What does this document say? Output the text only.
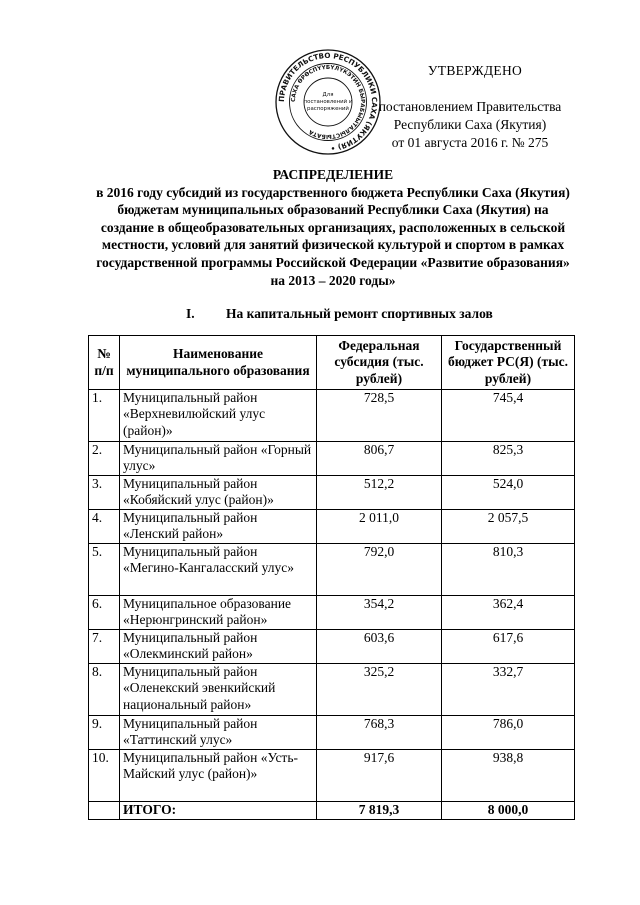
ПРАВИТЕЛЬСТВО РЕСПУБЛИКИ САХА (ЯКУТИЯ) •
САХА ӨРӨСПҮҮБҮЛҮКЭТИН БЫРАБЫЫТАЛЫСТЫБАТА
Для
постановлений и
распоряжений
УТВЕРЖДЕНО
постановлением Правительства
Республики Саха (Якутия)
от 01 августа 2016 г. № 275
РАСПРЕДЕЛЕНИЕ
в 2016 году субсидий из государственного бюджета Республики Саха (Якутия) бюджетам муниципальных образований Республики Саха (Якутия) на создание в общеобразовательных организациях, расположенных в сельской местности, условий для занятий физической культурой и спортом в рамках государственной программы Российской Федерации «Развитие образования» на 2013 – 2020 годы»
I. На капитальный ремонт спортивных залов
№ п/п	Наименование муниципального образования	Федеральная субсидия (тыс. рублей)	Государственный бюджет РС(Я) (тыс. рублей)
1.	Муниципальный район «Верхневилюйский улус (район)»	728,5	745,4
2.	Муниципальный район «Горный улус»	806,7	825,3
3.	Муниципальный район «Кобяйский улус (район)»	512,2	524,0
4.	Муниципальный район «Ленский район»	2 011,0	2 057,5
5.	Муниципальный район «Мегино-Кангаласский улус»	792,0	810,3
6.	Муниципальное образование «Нерюнгринский район»	354,2	362,4
7.	Муниципальный район «Олекминский район»	603,6	617,6
8.	Муниципальный район «Оленекский эвенкийский национальный район»	325,2	332,7
9.	Муниципальный район «Таттинский улус»	768,3	786,0
10.	Муниципальный район «Усть-Майский улус (район)»	917,6	938,8
	ИТОГО:	7 819,3	8 000,0
